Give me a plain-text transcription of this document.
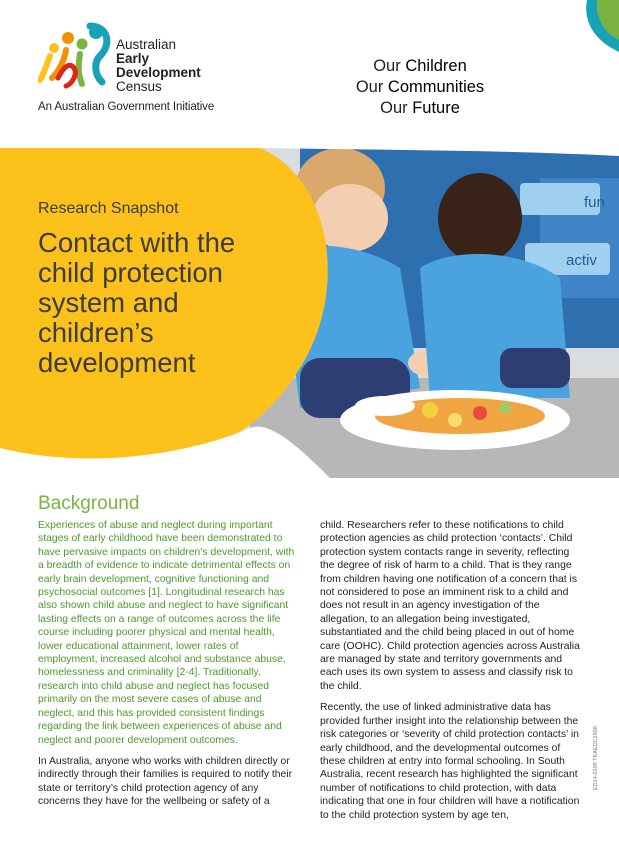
Australian
Early
Development
Census
An Australian Government Initiative
Our Children
Our Communities
Our Future
fun
activ
Research Snapshot
Contact with the child protection system and children’s development
Background

Experiences of abuse and neglect during important stages of early childhood have been demonstrated to have pervasive impacts on children’s development, with a breadth of evidence to indicate detrimental effects on early brain development, cognitive functioning and psychosocial outcomes [1]. Longitudinal research has also shown child abuse and neglect to have significant lasting effects on a range of outcomes across the life course including poorer physical and mental health, lower educational attainment, lower rates of employment, increased alcohol and substance abuse, homelessness and criminality [2-4]. Traditionally, research into child abuse and neglect has focused primarily on the most severe cases of abuse and neglect, and this has provided consistent findings regarding the link between experiences of abuse and neglect and poorer development outcomes.

In Australia, anyone who works with children directly or indirectly through their families is required to notify their state or territory’s child protection agency of any concerns they have for the wellbeing or safety of a

child. Researchers refer to these notifications to child protection agencies as child protection ‘contacts’. Child protection system contacts range in severity, reflecting the degree of risk of harm to a child. That is they range from children having one notification of a concern that is not considered to pose an imminent risk to a child and does not result in an agency investigation of the allegation, to an allegation being investigated, substantiated and the child being placed in out of home care (OOHC). Child protection agencies across Australia are managed by state and territory governments and each uses its own system to assess and classify risk to the child.

Recently, the use of linked administrative data has provided further insight into the relationship between the risk categories or ‘severity of child protection contacts’ in early childhood, and the developmental outcomes of these children at entry into formal schooling. In South Australia, recent research has highlighted the significant number of notifications to child protection, with data indicating that one in four children will have a notification to the child protection system by age ten,

ED14-0199 TKAEDC1608
